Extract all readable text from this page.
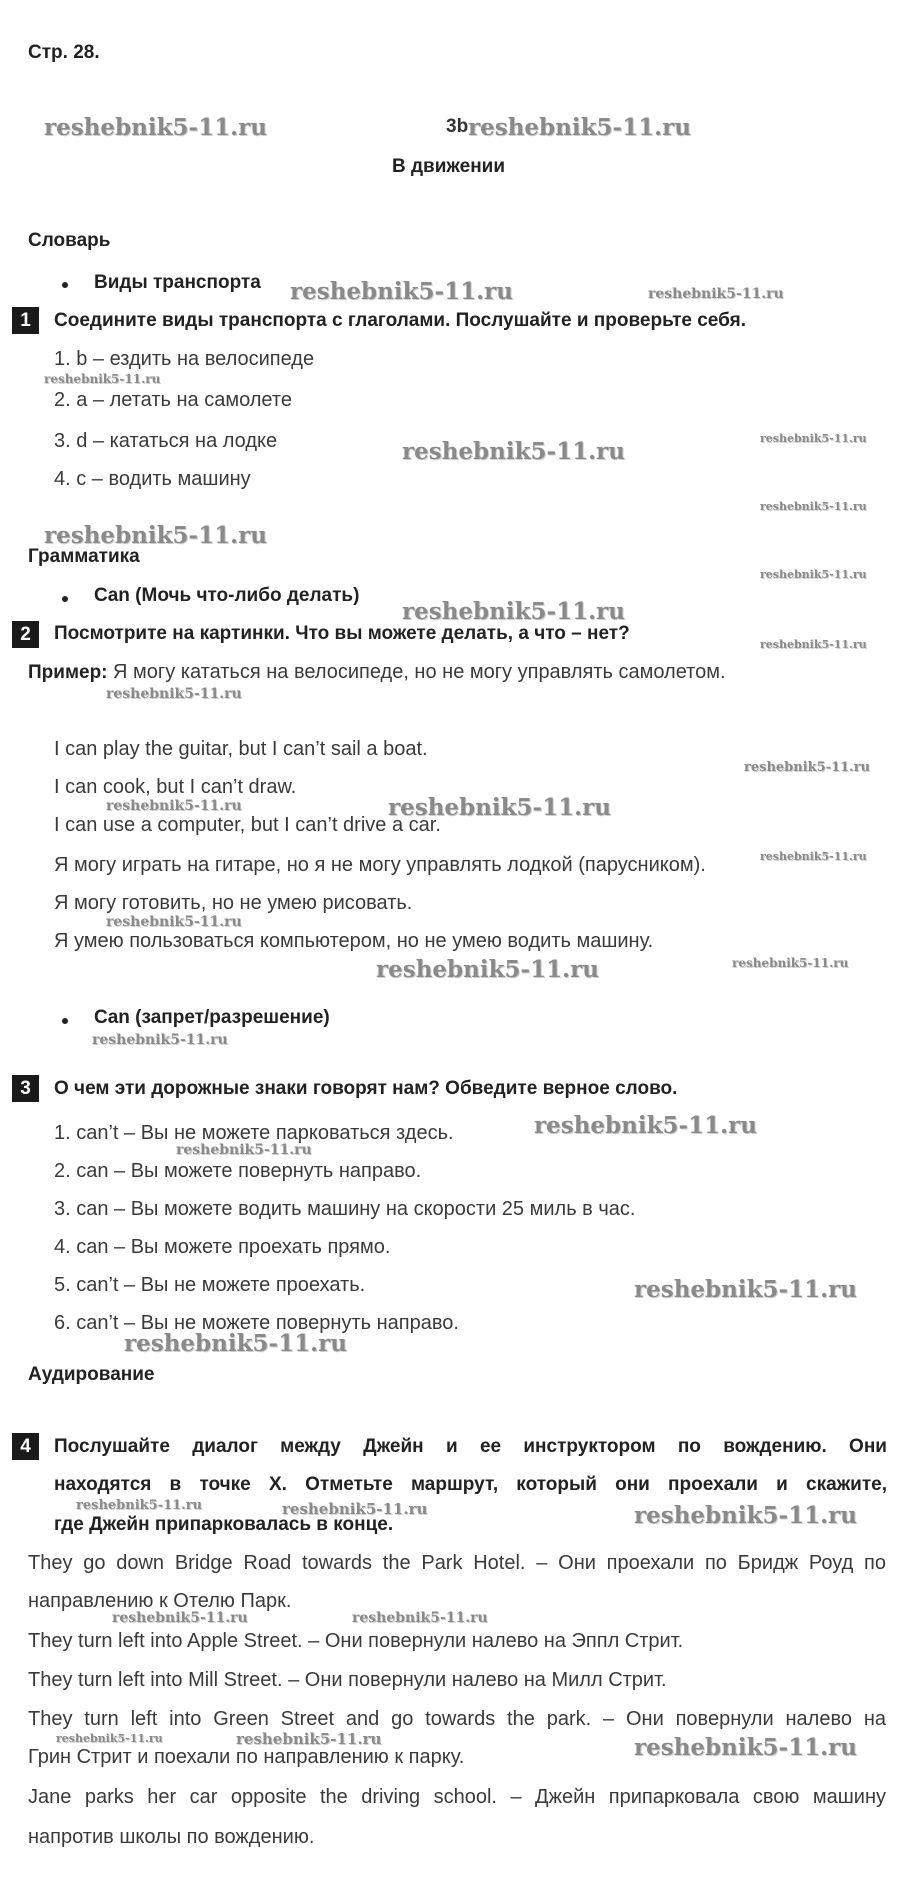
Стр. 28.
reshebnik5-11.ru	3b reshebnik5-11.ru
В движении
Словарь
Виды транспорта reshebnik5-11.ru	reshebnik5-11.ru
1	Соедините виды транспорта с глаголами. Послушайте и проверьте себя.
1. b – ездить на велосипеде
reshebnik5-11.ru
2. a – летать на самолете
3. d – кататься на лодке	reshebnik5-11.ru	reshebnik5-11.ru
4. c – водить машину
reshebnik5-11.ru
reshebnik5-11.ru
Грамматика
reshebnik5-11.ru
Can (Мочь что-либо делать)
reshebnik5-11.ru
2	Посмотрите на картинки. Что вы можете делать, а что – нет?
reshebnik5-11.ru
Пример: Я могу кататься на велосипеде, но не могу управлять самолетом.
reshebnik5-11.ru
I can play the guitar, but I can’t sail a boat.
reshebnik5-11.ru
I can cook, but I can’t draw.
reshebnik5-11.ru	reshebnik5-11.ru
I can use a computer, but I can’t drive a car.
reshebnik5-11.ru
Я могу играть на гитаре, но я не могу управлять лодкой (парусником).
Я могу готовить, но не умею рисовать.
reshebnik5-11.ru
Я умею пользоваться компьютером, но не умею водить машину.
reshebnik5-11.ru	reshebnik5-11.ru
Can (запрет/разрешение)
reshebnik5-11.ru
3	О чем эти дорожные знаки говорят нам? Обведите верное слово.
1. can’t – Вы не можете парковаться здесь.	reshebnik5-11.ru
reshebnik5-11.ru
2. can – Вы можете повернуть направо.
3. can – Вы можете водить машину на скорости 25 миль в час.
4. can – Вы можете проехать прямо.
5. can’t – Вы не можете проехать.	reshebnik5-11.ru
6. can’t – Вы не можете повернуть направо.
reshebnik5-11.ru
Аудирование
4	Послушайте диалог между Джейн и ее инструктором по вождению. Они
находятся в точке X. Отметьте маршрут, который они проехали и скажите,
reshebnik5-11.ru	reshebnik5-11.ru	reshebnik5-11.ru
где Джейн припарковалась в конце.
They go down Bridge Road towards the Park Hotel. – Они проехали по Бридж Роуд по
направлению к Отелю Парк.
reshebnik5-11.ru	reshebnik5-11.ru
They turn left into Apple Street. – Они повернули налево на Эппл Стрит.
They turn left into Mill Street. – Они повернули налево на Милл Стрит.
They turn left into Green Street and go towards the park. – Они повернули налево на
reshebnik5-11.ru	reshebnik5-11.ru	reshebnik5-11.ru
Грин Стрит и поехали по направлению к парку.
Jane parks her car opposite the driving school. – Джейн припарковала свою машину
напротив школы по вождению.
